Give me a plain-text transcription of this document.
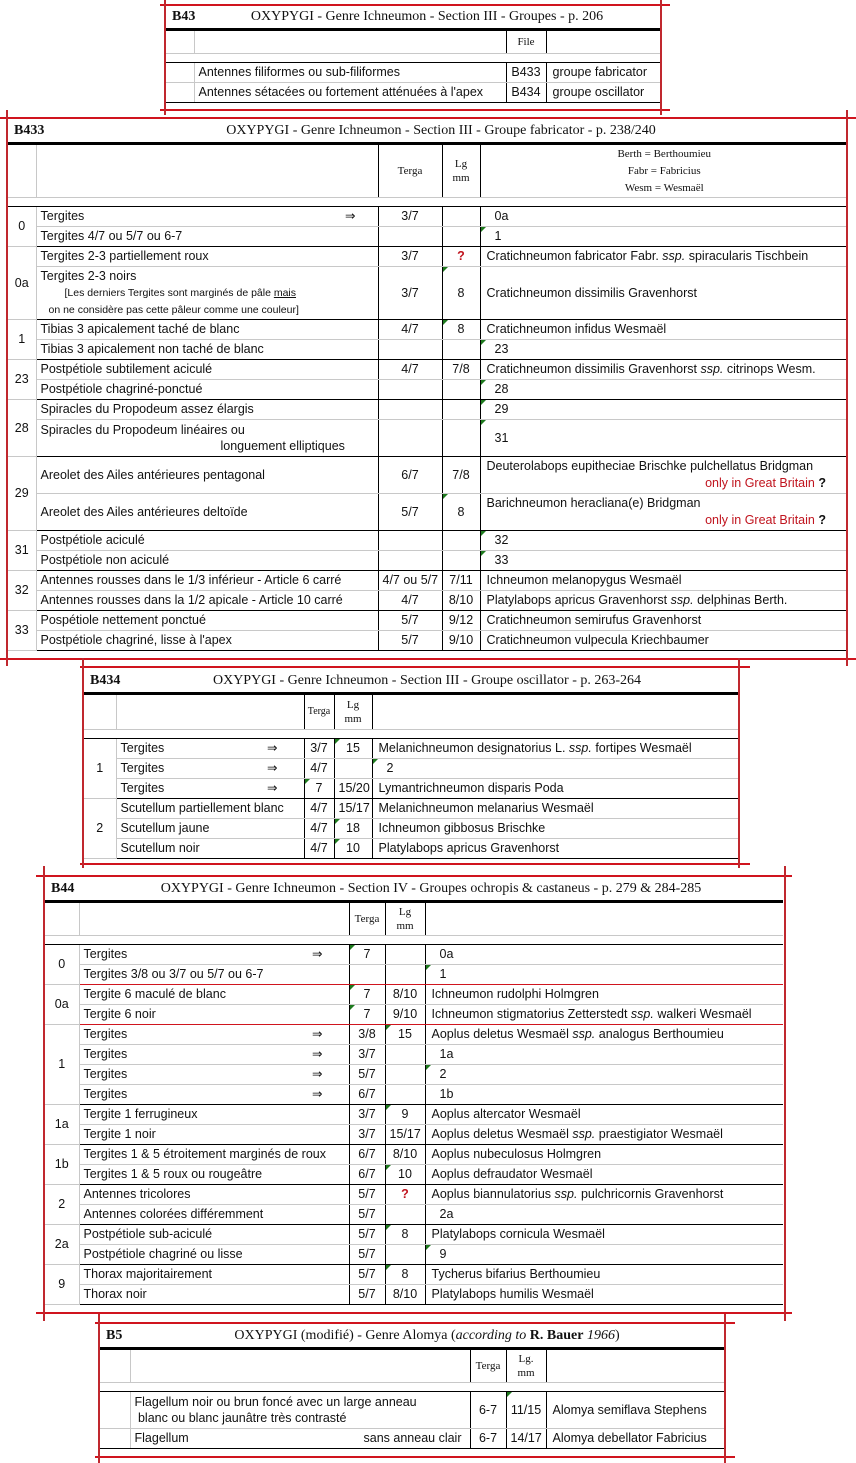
B43	OXYPYGI - Genre Ichneumon - Section III - Groupes - p. 206		
		File	

	Antennes filiformes ou sub-filiformes	B433	groupe fabricator
	Antennes sétacées ou fortement atténuées à l'apex	B434	groupe oscillator
B433	OXYPYGI - Genre Ichneumon - Section III - Groupe fabricator - p. 238/240			
		Terga	Lg
mm	Berth = Berthoumieu
Fabr = Fabricius
Wesm = Wesmaël

0	Tergites ⇒	3/7		0a
	Tergites 4/7 ou 5/7 ou 6-7			1
0a	Tergites 2-3 partiellement roux	3/7	?	Cratichneumon fabricator Fabr. ssp. spiracularis Tischbein
	Tergites 2-3 noirs
[Les derniers Tergites sont marginés de pâle mais
on ne considère pas cette pâleur comme une couleur]	3/7	8	Cratichneumon dissimilis Gravenhorst
1	Tibias 3 apicalement taché de blanc	4/7	8	Cratichneumon infidus Wesmaël
	Tibias 3 apicalement non taché de blanc			23
23	Postpétiole subtilement aciculé	4/7	7/8	Cratichneumon dissimilis Gravenhorst ssp. citrinops Wesm.
	Postpétiole chagriné-ponctué			28
28	Spiracles du Propodeum assez élargis			29
	Spiracles du Propodeum linéaires ou
longuement elliptiques			31
29	Areolet des Ailes antérieures pentagonal	6/7	7/8	Deuterolabops eupitheciae Brischke pulchellatus Bridgman
only in Great Britain ?

	Areolet des Ailes antérieures deltoïde	5/7	8	Barichneumon heracliana(e) Bridgman
only in Great Britain ?

31	Postpétiole aciculé			32
	Postpétiole non aciculé			33
32	Antennes rousses dans le 1/3 inférieur - Article 6 carré	4/7 ou 5/7	7/11	Ichneumon melanopygus Wesmaël
	Antennes rousses dans la 1/2 apicale - Article 10 carré	4/7	8/10	Platylabops apricus Gravenhorst ssp. delphinas Berth.
33	Pospétiole nettement ponctué	5/7	9/12	Cratichneumon semirufus Gravenhorst
	Postpétiole chagriné, lisse à l'apex	5/7	9/10	Cratichneumon vulpecula Kriechbaumer
B434	OXYPYGI - Genre Ichneumon - Section III - Groupe oscillator - p. 263-264			
		Terga	Lg
mm	

1	Tergites ⇒	3/7	15	Melanichneumon designatorius L. ssp. fortipes Wesmaël
	Tergites ⇒	4/7		2
	Tergites ⇒	7	15/20	Lymantrichneumon disparis Poda
2	Scutellum partiellement blanc	4/7	15/17	Melanichneumon melanarius Wesmaël
	Scutellum jaune	4/7	18	Ichneumon gibbosus Brischke
	Scutellum noir	4/7	10	Platylabops apricus Gravenhorst
B44	OXYPYGI - Genre Ichneumon - Section IV - Groupes ochropis & castaneus - p. 279 & 284-285			
		Terga	Lg
mm	

0	Tergites ⇒	7		0a
	Tergites 3/8 ou 3/7 ou 5/7 ou 6-7			1
0a	Tergite 6 maculé de blanc	7	8/10	Ichneumon rudolphi Holmgren
	Tergite 6 noir	7	9/10	Ichneumon stigmatorius Zetterstedt ssp. walkeri Wesmaël
1	Tergites ⇒	3/8	15	Aoplus deletus Wesmaël ssp. analogus Berthoumieu
	Tergites ⇒	3/7		1a
	Tergites ⇒	5/7		2
	Tergites ⇒	6/7		1b
1a	Tergite 1 ferrugineux	3/7	9	Aoplus altercator Wesmaël
	Tergite 1 noir	3/7	15/17	Aoplus deletus Wesmaël ssp. praestigiator Wesmaël
1b	Tergites 1 & 5 étroitement marginés de roux	6/7	8/10	Aoplus nubeculosus Holmgren
	Tergites 1 & 5 roux ou rougeâtre	6/7	10	Aoplus defraudator Wesmaël
2	Antennes tricolores	5/7	?	Aoplus biannulatorius ssp. pulchricornis Gravenhorst
	Antennes colorées différemment	5/7		2a
2a	Postpétiole sub-aciculé	5/7	8	Platylabops cornicula Wesmaël
	Postpétiole chagriné ou lisse	5/7		9
9	Thorax majoritairement	5/7	8	Tycherus bifarius Berthoumieu
	Thorax noir	5/7	8/10	Platylabops humilis Wesmaël
B5	OXYPYGI (modifié) - Genre Alomya (according to R. Bauer 1966)			
		Terga	Lg.
mm	

	Flagellum noir ou brun foncé avec un large anneau
blanc ou blanc jaunâtre très contrasté	6-7	11/15	Alomya semiflava Stephens
	Flagellum sans anneau clair	6-7	14/17	Alomya debellator Fabricius
